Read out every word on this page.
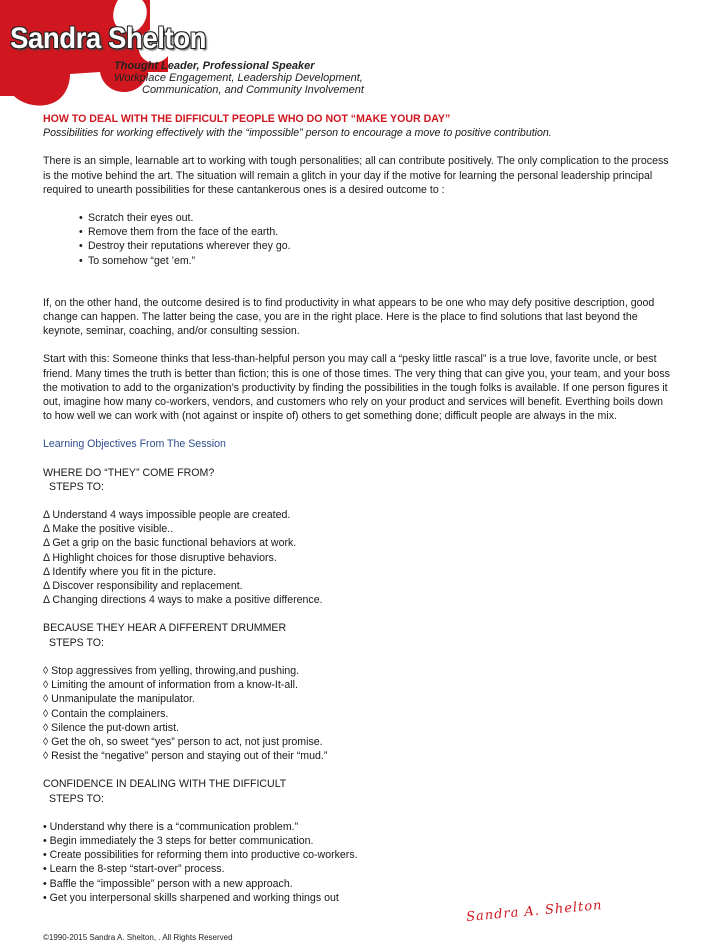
Sandra Shelton
Thought Leader, Professional Speaker
Workplace Engagement, Leadership Development,
Communication, and Community Involvement
HOW TO DEAL WITH THE DIFFICULT PEOPLE WHO DO NOT “MAKE YOUR DAY”
Possibilities for working effectively with the “impossible” person to encourage a move to positive contribution.

There is an simple, learnable art to working with tough personalities; all can contribute positively. The only complication to the process is the motive behind the art. The situation will remain a glitch in your day if the motive for learning the personal leadership principal required to unearth possibilities for these cantankerous ones is a desired outcome to :

• Scratch their eyes out.
• Remove them from the face of the earth.
• Destroy their reputations wherever they go.
• To somehow “get ’em.”

If, on the other hand, the outcome desired is to find productivity in what appears to be one who may defy positive description, good change can happen. The latter being the case, you are in the right place. Here is the place to find solutions that last beyond the keynote, seminar, coaching, and/or consulting session.

Start with this: Someone thinks that less-than-helpful person you may call a “pesky little rascal” is a true love, favorite uncle, or best friend. Many times the truth is better than fiction; this is one of those times. The very thing that can give you, your team, and your boss the motivation to add to the organization’s productivity by finding the possibilities in the tough folks is available. If one person figures it out, imagine how many co-workers, vendors, and customers who rely on your product and services will benefit. Everthing boils down to how well we can work with (not against or inspite of) others to get something done; difficult people are always in the mix.

Learning Objectives From The Session
WHERE DO “THEY” COME FROM?
STEPS TO:
Δ Understand 4 ways impossible people are created.
Δ Make the positive visible..
Δ Get a grip on the basic functional behaviors at work.
Δ Highlight choices for those disruptive behaviors.
Δ Identify where you fit in the picture.
Δ Discover responsibility and replacement.
Δ Changing directions 4 ways to make a positive difference.
BECAUSE THEY HEAR A DIFFERENT DRUMMER
STEPS TO:
◊ Stop aggressives from yelling, throwing,and pushing.
◊ Limiting the amount of information from a know-It-all.
◊ Unmanipulate the manipulator.
◊ Contain the complainers.
◊ Silence the put-down artist.
◊ Get the oh, so sweet “yes” person to act, not just promise.
◊ Resist the “negative” person and staying out of their “mud.”
CONFIDENCE IN DEALING WITH THE DIFFICULT
STEPS TO:
• Understand why there is a “communication problem.”
• Begin immediately the 3 steps for better communication.
• Create possibilities for reforming them into productive co-workers.
• Learn the 8-step “start-over” process.
• Baffle the “impossible” person with a new approach.
• Get you interpersonal skills sharpened and working things out
Sandra A. Shelton
©1990-2015 Sandra A. Shelton, . All Rights Reserved
